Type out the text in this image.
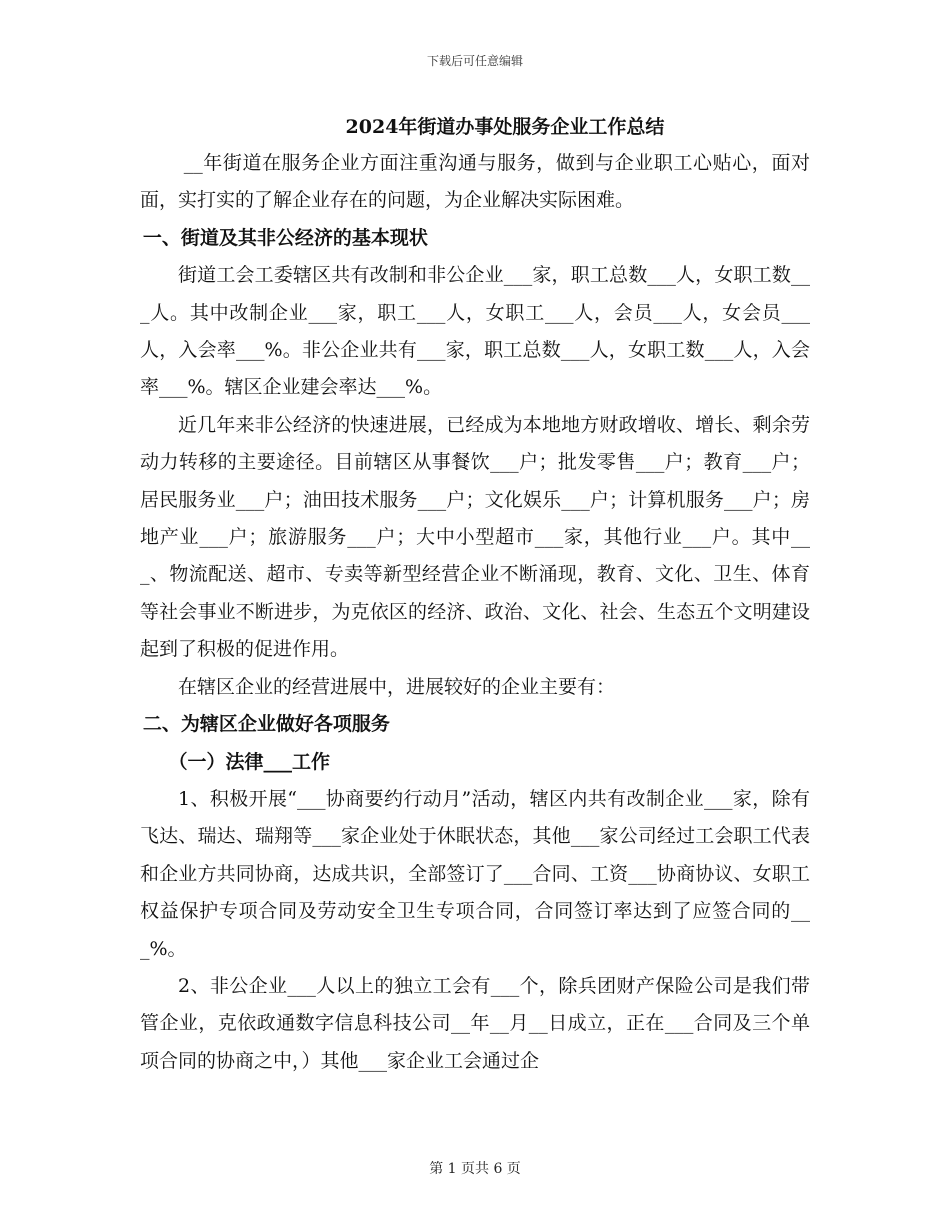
下载后可任意编辑
2024年街道办事处服务企业工作总结

__年街道在服务企业方面注重沟通与服务，做到与企业职工心贴心，面对面，实打实的了解企业存在的问题，为企业解决实际困难。

一、街道及其非公经济的基本现状

街道工会工委辖区共有改制和非公企业___家，职工总数___人，女职工数___人。其中改制企业___家，职工___人，女职工___人，会员___人，女会员___人，入会率___%。非公企业共有___家，职工总数___人，女职工数___人，入会率___%。辖区企业建会率达___%。

近几年来非公经济的快速进展，已经成为本地地方财政增收、增长、剩余劳动力转移的主要途径。目前辖区从事餐饮___户；批发零售___户；教育___户；居民服务业___户；油田技术服务___户；文化娱乐___户；计算机服务___户；房地产业___户；旅游服务___户；大中小型超市___家，其他行业___户。其中___、物流配送、超市、专卖等新型经营企业不断涌现，教育、文化、卫生、体育等社会事业不断进步，为克依区的经济、政治、文化、社会、生态五个文明建设起到了积极的促进作用。

在辖区企业的经营进展中，进展较好的企业主要有：

二、为辖区企业做好各项服务

（一）法律___工作

1、积极开展“___协商要约行动月”活动，辖区内共有改制企业___家，除有飞达、瑞达、瑞翔等___家企业处于休眠状态，其他___家公司经过工会职工代表和企业方共同协商，达成共识，全部签订了___合同、工资___协商协议、女职工权益保护专项合同及劳动安全卫生专项合同，合同签订率达到了应签合同的___%。

2、非公企业___人以上的独立工会有___个，除兵团财产保险公司是我们带管企业，克依政通数字信息科技公司__年__月__日成立，正在___合同及三个单项合同的协商之中，）其他___家企业工会通过企

第 1 页共 6 页
